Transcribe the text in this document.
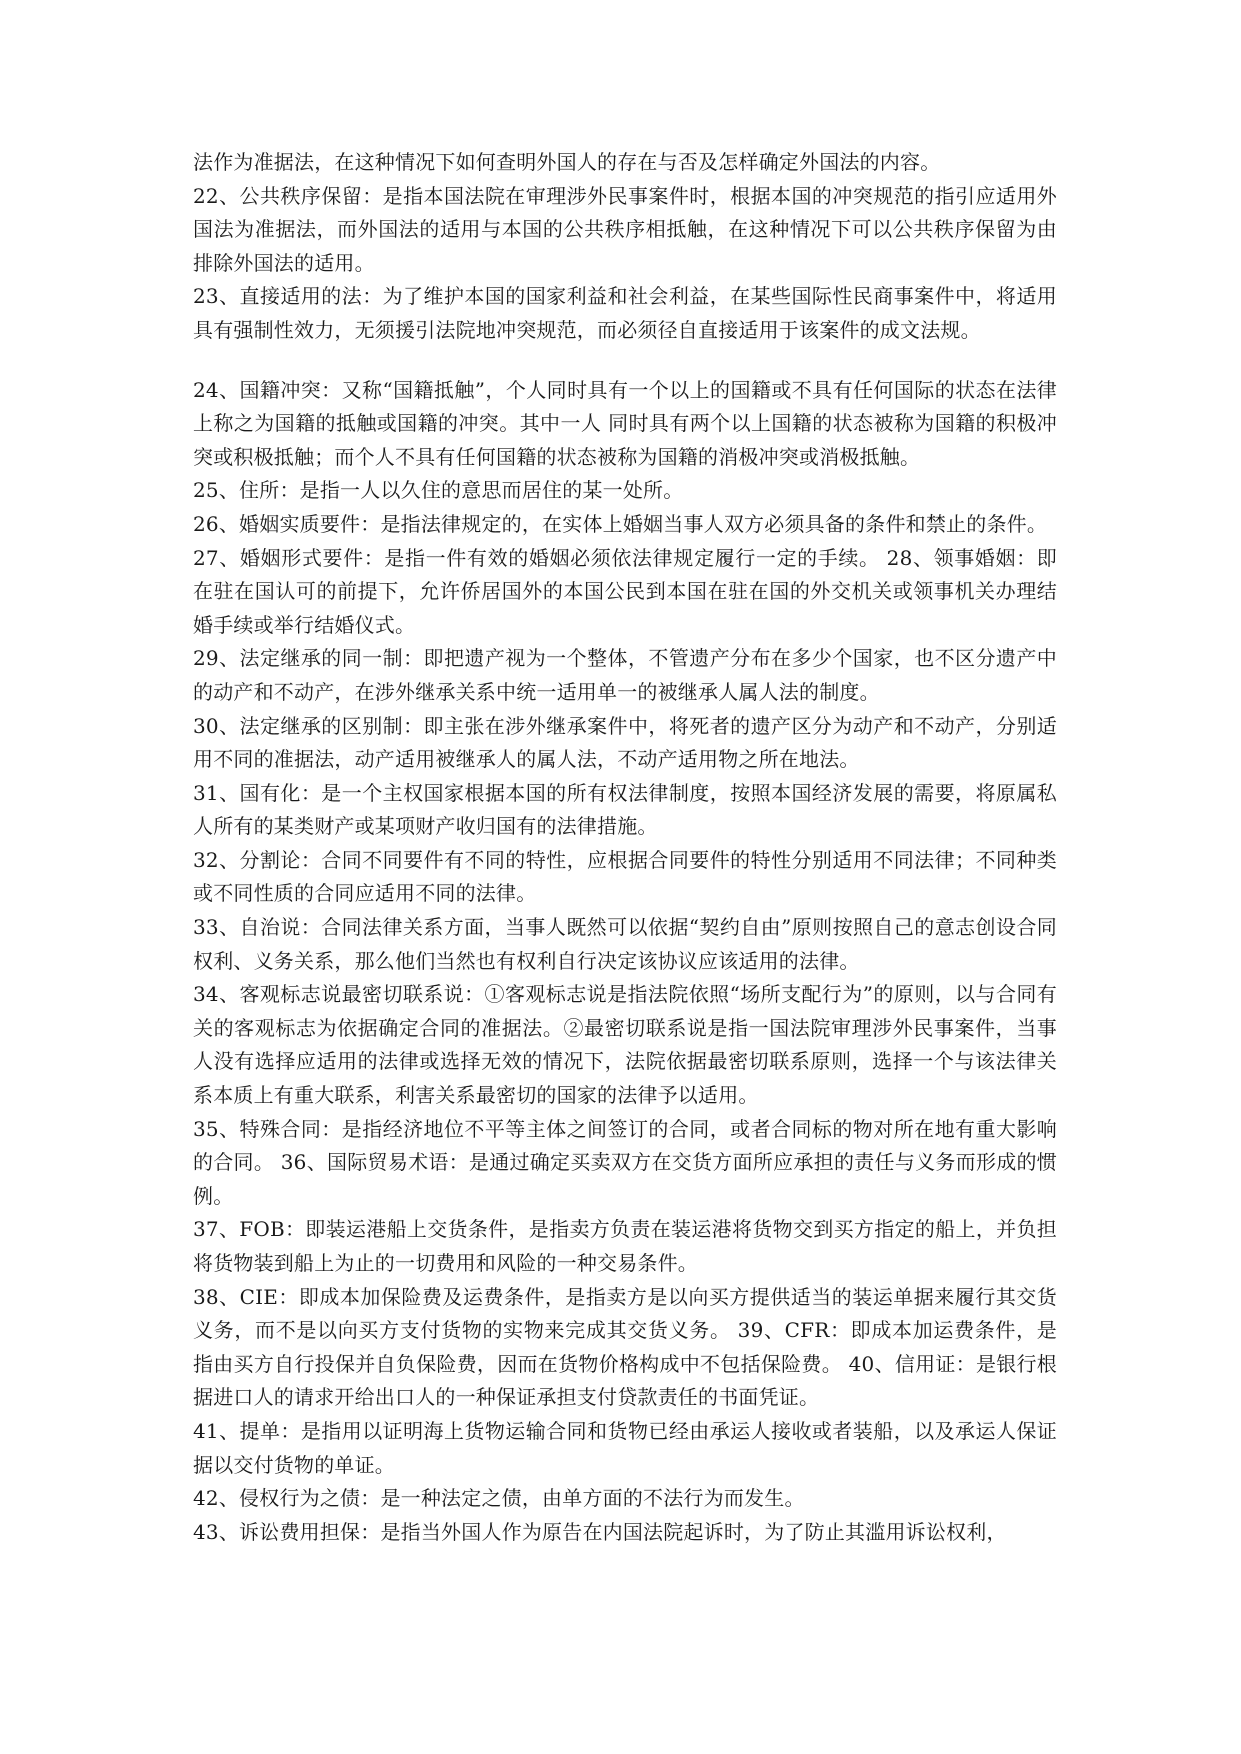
法作为准据法，在这种情况下如何查明外国人的存在与否及怎样确定外国法的内容。

22、公共秩序保留：是指本国法院在审理涉外民事案件时，根据本国的冲突规范的指引应适用外国法为准据法，而外国法的适用与本国的公共秩序相抵触，在这种情况下可以公共秩序保留为由排除外国法的适用。

23、直接适用的法：为了维护本国的国家利益和社会利益，在某些国际性民商事案件中，将适用具有强制性效力，无须援引法院地冲突规范，而必须径自直接适用于该案件的成文法规。

24、国籍冲突：又称“国籍抵触”，个人同时具有一个以上的国籍或不具有任何国际的状态在法律上称之为国籍的抵触或国籍的冲突。其中一人 同时具有两个以上国籍的状态被称为国籍的积极冲突或积极抵触；而个人不具有任何国籍的状态被称为国籍的消极冲突或消极抵触。

25、住所：是指一人以久住的意思而居住的某一处所。

26、婚姻实质要件：是指法律规定的，在实体上婚姻当事人双方必须具备的条件和禁止的条件。

27、婚姻形式要件：是指一件有效的婚姻必须依法律规定履行一定的手续。 28、领事婚姻：即在驻在国认可的前提下，允许侨居国外的本国公民到本国在驻在国的外交机关或领事机关办理结婚手续或举行结婚仪式。

29、法定继承的同一制：即把遗产视为一个整体，不管遗产分布在多少个国家，也不区分遗产中的动产和不动产，在涉外继承关系中统一适用单一的被继承人属人法的制度。

30、法定继承的区别制：即主张在涉外继承案件中，将死者的遗产区分为动产和不动产，分别适用不同的准据法，动产适用被继承人的属人法，不动产适用物之所在地法。

31、国有化：是一个主权国家根据本国的所有权法律制度，按照本国经济发展的需要，将原属私人所有的某类财产或某项财产收归国有的法律措施。

32、分割论：合同不同要件有不同的特性，应根据合同要件的特性分别适用不同法律；不同种类或不同性质的合同应适用不同的法律。

33、自治说：合同法律关系方面，当事人既然可以依据“契约自由”原则按照自己的意志创设合同权利、义务关系，那么他们当然也有权利自行决定该协议应该适用的法律。

34、客观标志说最密切联系说：①客观标志说是指法院依照“场所支配行为”的原则，以与合同有关的客观标志为依据确定合同的准据法。②最密切联系说是指一国法院审理涉外民事案件，当事人没有选择应适用的法律或选择无效的情况下，法院依据最密切联系原则，选择一个与该法律关系本质上有重大联系，利害关系最密切的国家的法律予以适用。

35、特殊合同：是指经济地位不平等主体之间签订的合同，或者合同标的物对所在地有重大影响的合同。 36、国际贸易术语：是通过确定买卖双方在交货方面所应承担的责任与义务而形成的惯例。

37、FOB：即装运港船上交货条件，是指卖方负责在装运港将货物交到买方指定的船上，并负担将货物装到船上为止的一切费用和风险的一种交易条件。

38、CIE：即成本加保险费及运费条件，是指卖方是以向买方提供适当的装运单据来履行其交货义务，而不是以向买方支付货物的实物来完成其交货义务。 39、CFR：即成本加运费条件，是指由买方自行投保并自负保险费，因而在货物价格构成中不包括保险费。 40、信用证：是银行根据进口人的请求开给出口人的一种保证承担支付贷款责任的书面凭证。

41、提单：是指用以证明海上货物运输合同和货物已经由承运人接收或者装船，以及承运人保证据以交付货物的单证。

42、侵权行为之债：是一种法定之债，由单方面的不法行为而发生。

43、诉讼费用担保：是指当外国人作为原告在内国法院起诉时，为了防止其滥用诉讼权利，
